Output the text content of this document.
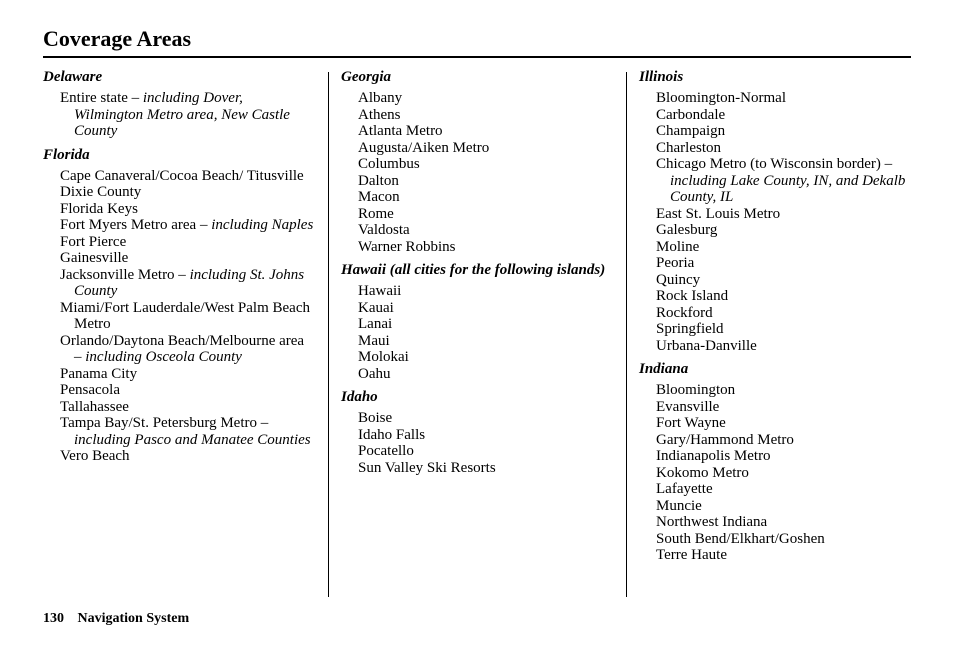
Coverage Areas
Delaware
Entire state – including Dover, Wilmington Metro area, New Castle County
Florida
Cape Canaveral/Cocoa Beach/ Titusville
Dixie County
Florida Keys
Fort Myers Metro area – including Naples
Fort Pierce
Gainesville
Jacksonville Metro – including St. Johns County
Miami/Fort Lauderdale/West Palm Beach Metro
Orlando/Daytona Beach/Melbourne area – including Osceola County
Panama City
Pensacola
Tallahassee
Tampa Bay/St. Petersburg Metro – including Pasco and Manatee Counties
Vero Beach
Georgia
Albany
Athens
Atlanta Metro
Augusta/Aiken Metro
Columbus
Dalton
Macon
Rome
Valdosta
Warner Robbins
Hawaii (all cities for the following islands)
Hawaii
Kauai
Lanai
Maui
Molokai
Oahu
Idaho
Boise
Idaho Falls
Pocatello
Sun Valley Ski Resorts
Illinois
Bloomington-Normal
Carbondale
Champaign
Charleston
Chicago Metro (to Wisconsin border) – including Lake County, IN, and Dekalb County, IL
East St. Louis Metro
Galesburg
Moline
Peoria
Quincy
Rock Island
Rockford
Springfield
Urbana-Danville
Indiana
Bloomington
Evansville
Fort Wayne
Gary/Hammond Metro
Indianapolis Metro
Kokomo Metro
Lafayette
Muncie
Northwest Indiana
South Bend/Elkhart/Goshen
Terre Haute
130 Navigation System
